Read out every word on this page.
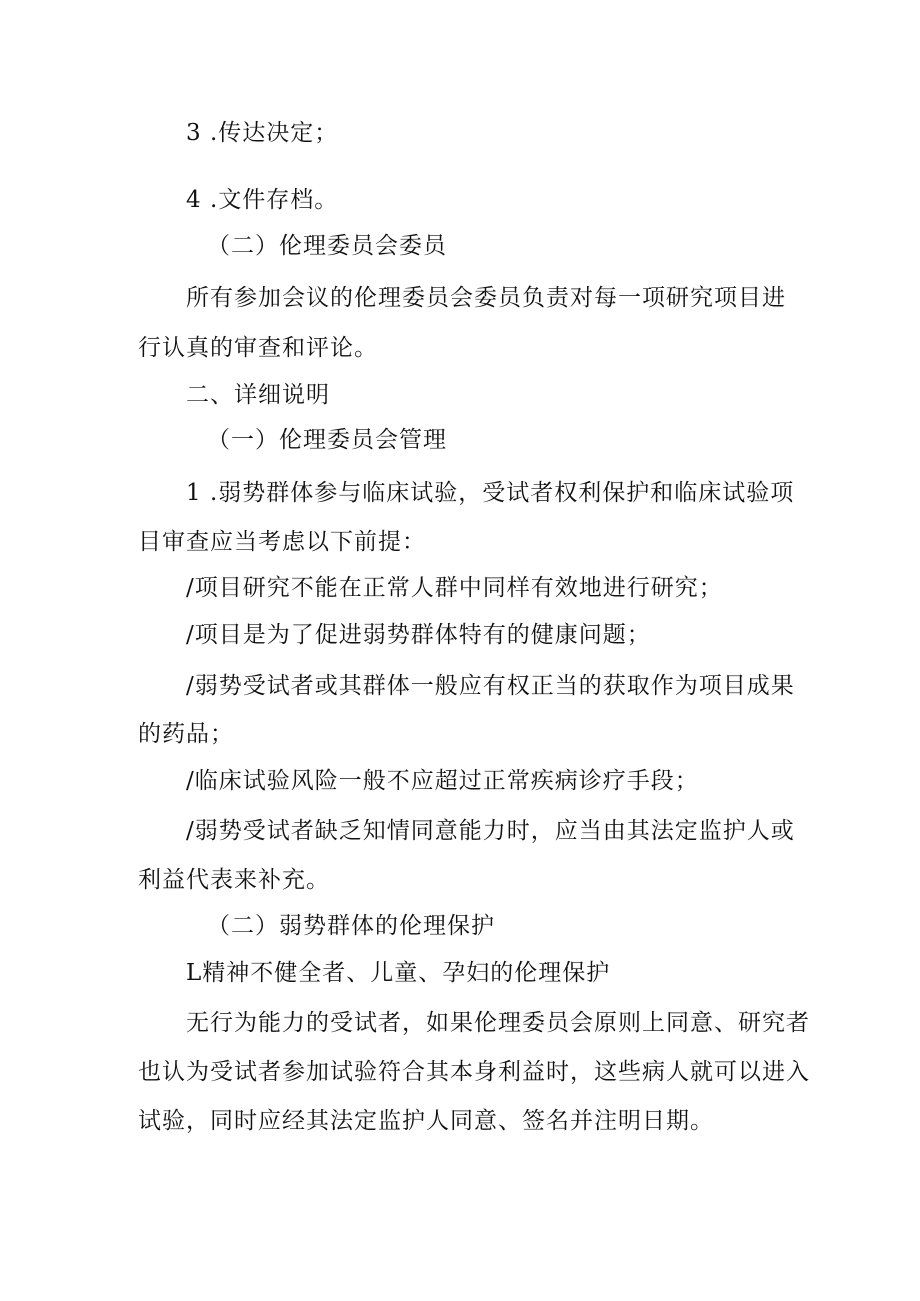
3 .传达决定；
4 .文件存档。
（二）伦理委员会委员
所有参加会议的伦理委员会委员负责对每一项研究项目进
行认真的审查和评论。
二、详细说明
（一）伦理委员会管理
1 .弱势群体参与临床试验，受试者权利保护和临床试验项
目审查应当考虑以下前提：
/项目研究不能在正常人群中同样有效地进行研究；
/项目是为了促进弱势群体特有的健康问题；
/弱势受试者或其群体一般应有权正当的获取作为项目成果
的药品；
/临床试验风险一般不应超过正常疾病诊疗手段；
/弱势受试者缺乏知情同意能力时，应当由其法定监护人或
利益代表来补充。
（二）弱势群体的伦理保护
L精神不健全者、儿童、孕妇的伦理保护
无行为能力的受试者，如果伦理委员会原则上同意、研究者
也认为受试者参加试验符合其本身利益时，这些病人就可以进入
试验，同时应经其法定监护人同意、签名并注明日期。
